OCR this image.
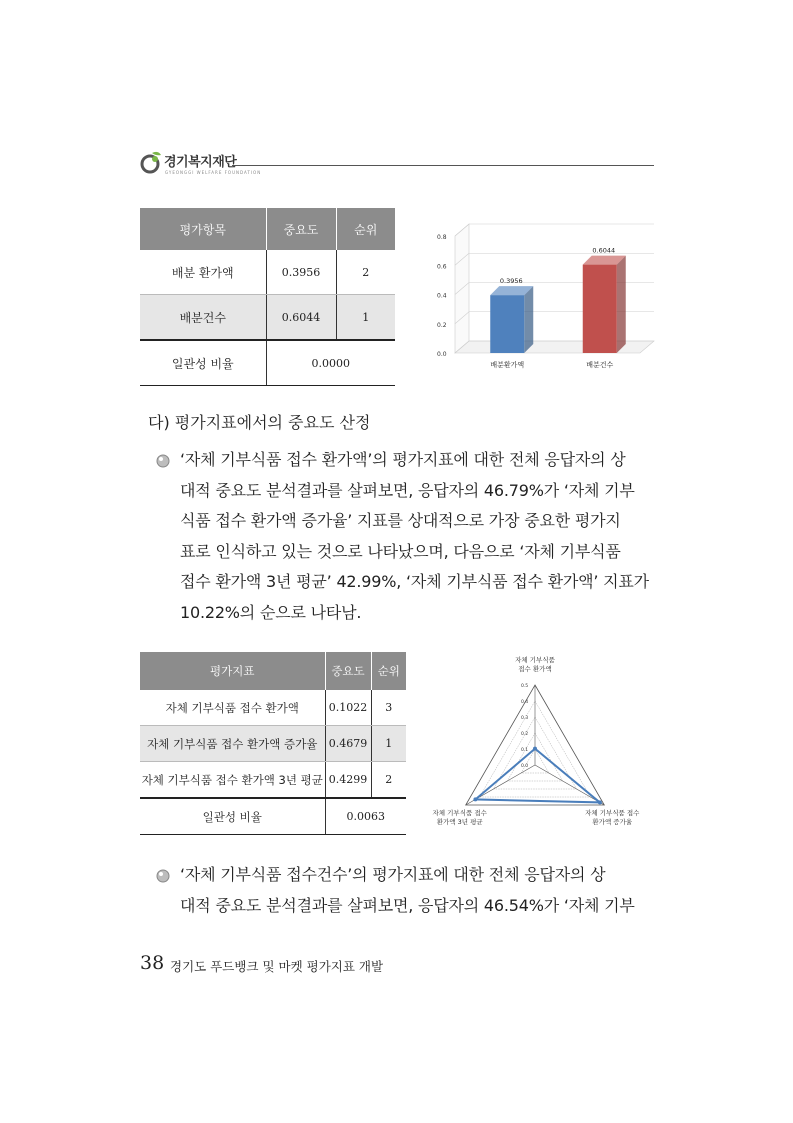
경기복지재단
GYEONGGI WELFARE FOUNDATION
평가항목	중요도	순위
배분 환가액	0.3956	2
배분건수	0.6044	1
일관성 비율	0.0000	
0.0
0.2
0.4
0.6
0.8
0.3956
배분환가액
0.6044
배분건수
다) 평가지표에서의 중요도 산정
‘자체 기부식품 접수 환가액’의 평가지표에 대한 전체 응답자의 상
대적 중요도 분석결과를 살펴보면, 응답자의 46.79%가 ‘자체 기부
식품 접수 환가액 증가율’ 지표를 상대적으로 가장 중요한 평가지
표로 인식하고 있는 것으로 나타났으며, 다음으로 ‘자체 기부식품
접수 환가액 3년 평균’ 42.99%, ‘자체 기부식품 접수 환가액’ 지표가
10.22%의 순으로 나타남.
평가지표	중요도	순위
자체 기부식품 접수 환가액	0.1022	3
자체 기부식품 접수 환가액 증가율	0.4679	1
자체 기부식품 접수 환가액 3년 평균	0.4299	2
일관성 비율	0.0063	
0.0
0.1
0.2
0.3
0.4
0.5
자체 기부식품
접수 환가액
자체 기부식품 접수
환가액 증가율
자체 기부식품 접수
환가액 3년 평균
‘자체 기부식품 접수건수’의 평가지표에 대한 전체 응답자의 상
대적 중요도 분석결과를 살펴보면, 응답자의 46.54%가 ‘자체 기부
38 경기도 푸드뱅크 및 마켓 평가지표 개발
